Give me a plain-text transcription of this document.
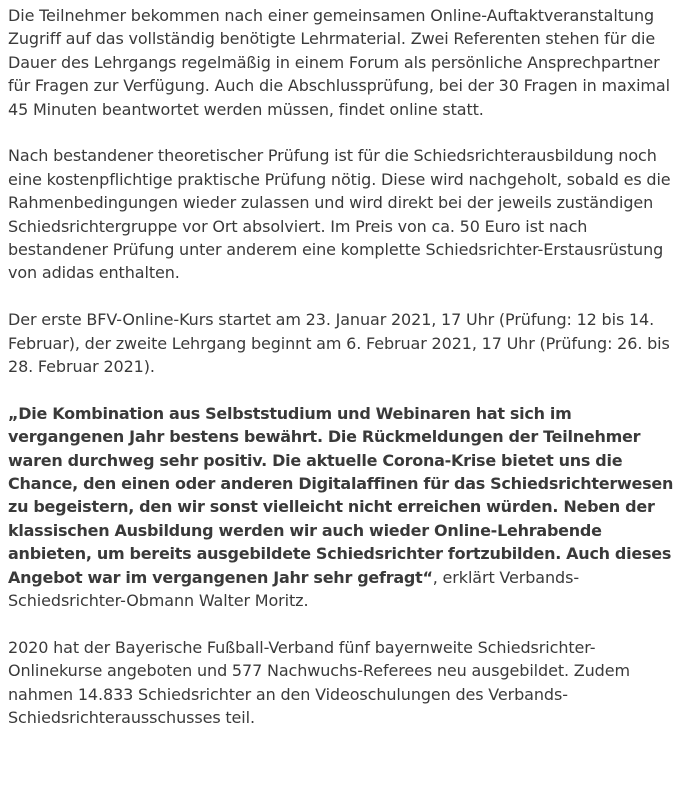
Die Teilnehmer bekommen nach einer gemeinsamen Online-Auftaktveranstaltung Zugriff auf das vollständig benötigte Lehrmaterial. Zwei Referenten stehen für die Dauer des Lehrgangs regelmäßig in einem Forum als persönliche Ansprechpartner für Fragen zur Verfügung. Auch die Abschlussprüfung, bei der 30 Fragen in maximal 45 Minuten beantwortet werden müssen, findet online statt.

Nach bestandener theoretischer Prüfung ist für die Schiedsrichterausbildung noch eine kostenpflichtige praktische Prüfung nötig. Diese wird nachgeholt, sobald es die Rahmenbedingungen wieder zulassen und wird direkt bei der jeweils zuständigen Schiedsrichtergruppe vor Ort absolviert. Im Preis von ca. 50 Euro ist nach bestandener Prüfung unter anderem eine komplette Schiedsrichter-Erstausrüstung von adidas enthalten.

Der erste BFV-Online-Kurs startet am 23. Januar 2021, 17 Uhr (Prüfung: 12 bis 14. Februar), der zweite Lehrgang beginnt am 6. Februar 2021, 17 Uhr (Prüfung: 26. bis 28. Februar 2021).

„Die Kombination aus Selbststudium und Webinaren hat sich im vergangenen Jahr bestens bewährt. Die Rückmeldungen der Teilnehmer waren durchweg sehr positiv. Die aktuelle Corona-Krise bietet uns die Chance, den einen oder anderen Digitalaffinen für das Schiedsrichterwesen zu begeistern, den wir sonst vielleicht nicht erreichen würden. Neben der klassischen Ausbildung werden wir auch wieder Online-Lehrabende anbieten, um bereits ausgebildete Schiedsrichter fortzubilden. Auch dieses Angebot war im vergangenen Jahr sehr gefragt“, erklärt Verbands-Schiedsrichter-Obmann Walter Moritz.

2020 hat der Bayerische Fußball-Verband fünf bayernweite Schiedsrichter-Onlinekurse angeboten und 577 Nachwuchs-Referees neu ausgebildet. Zudem nahmen 14.833 Schiedsrichter an den Videoschulungen des Verbands-Schiedsrichterausschusses teil.
